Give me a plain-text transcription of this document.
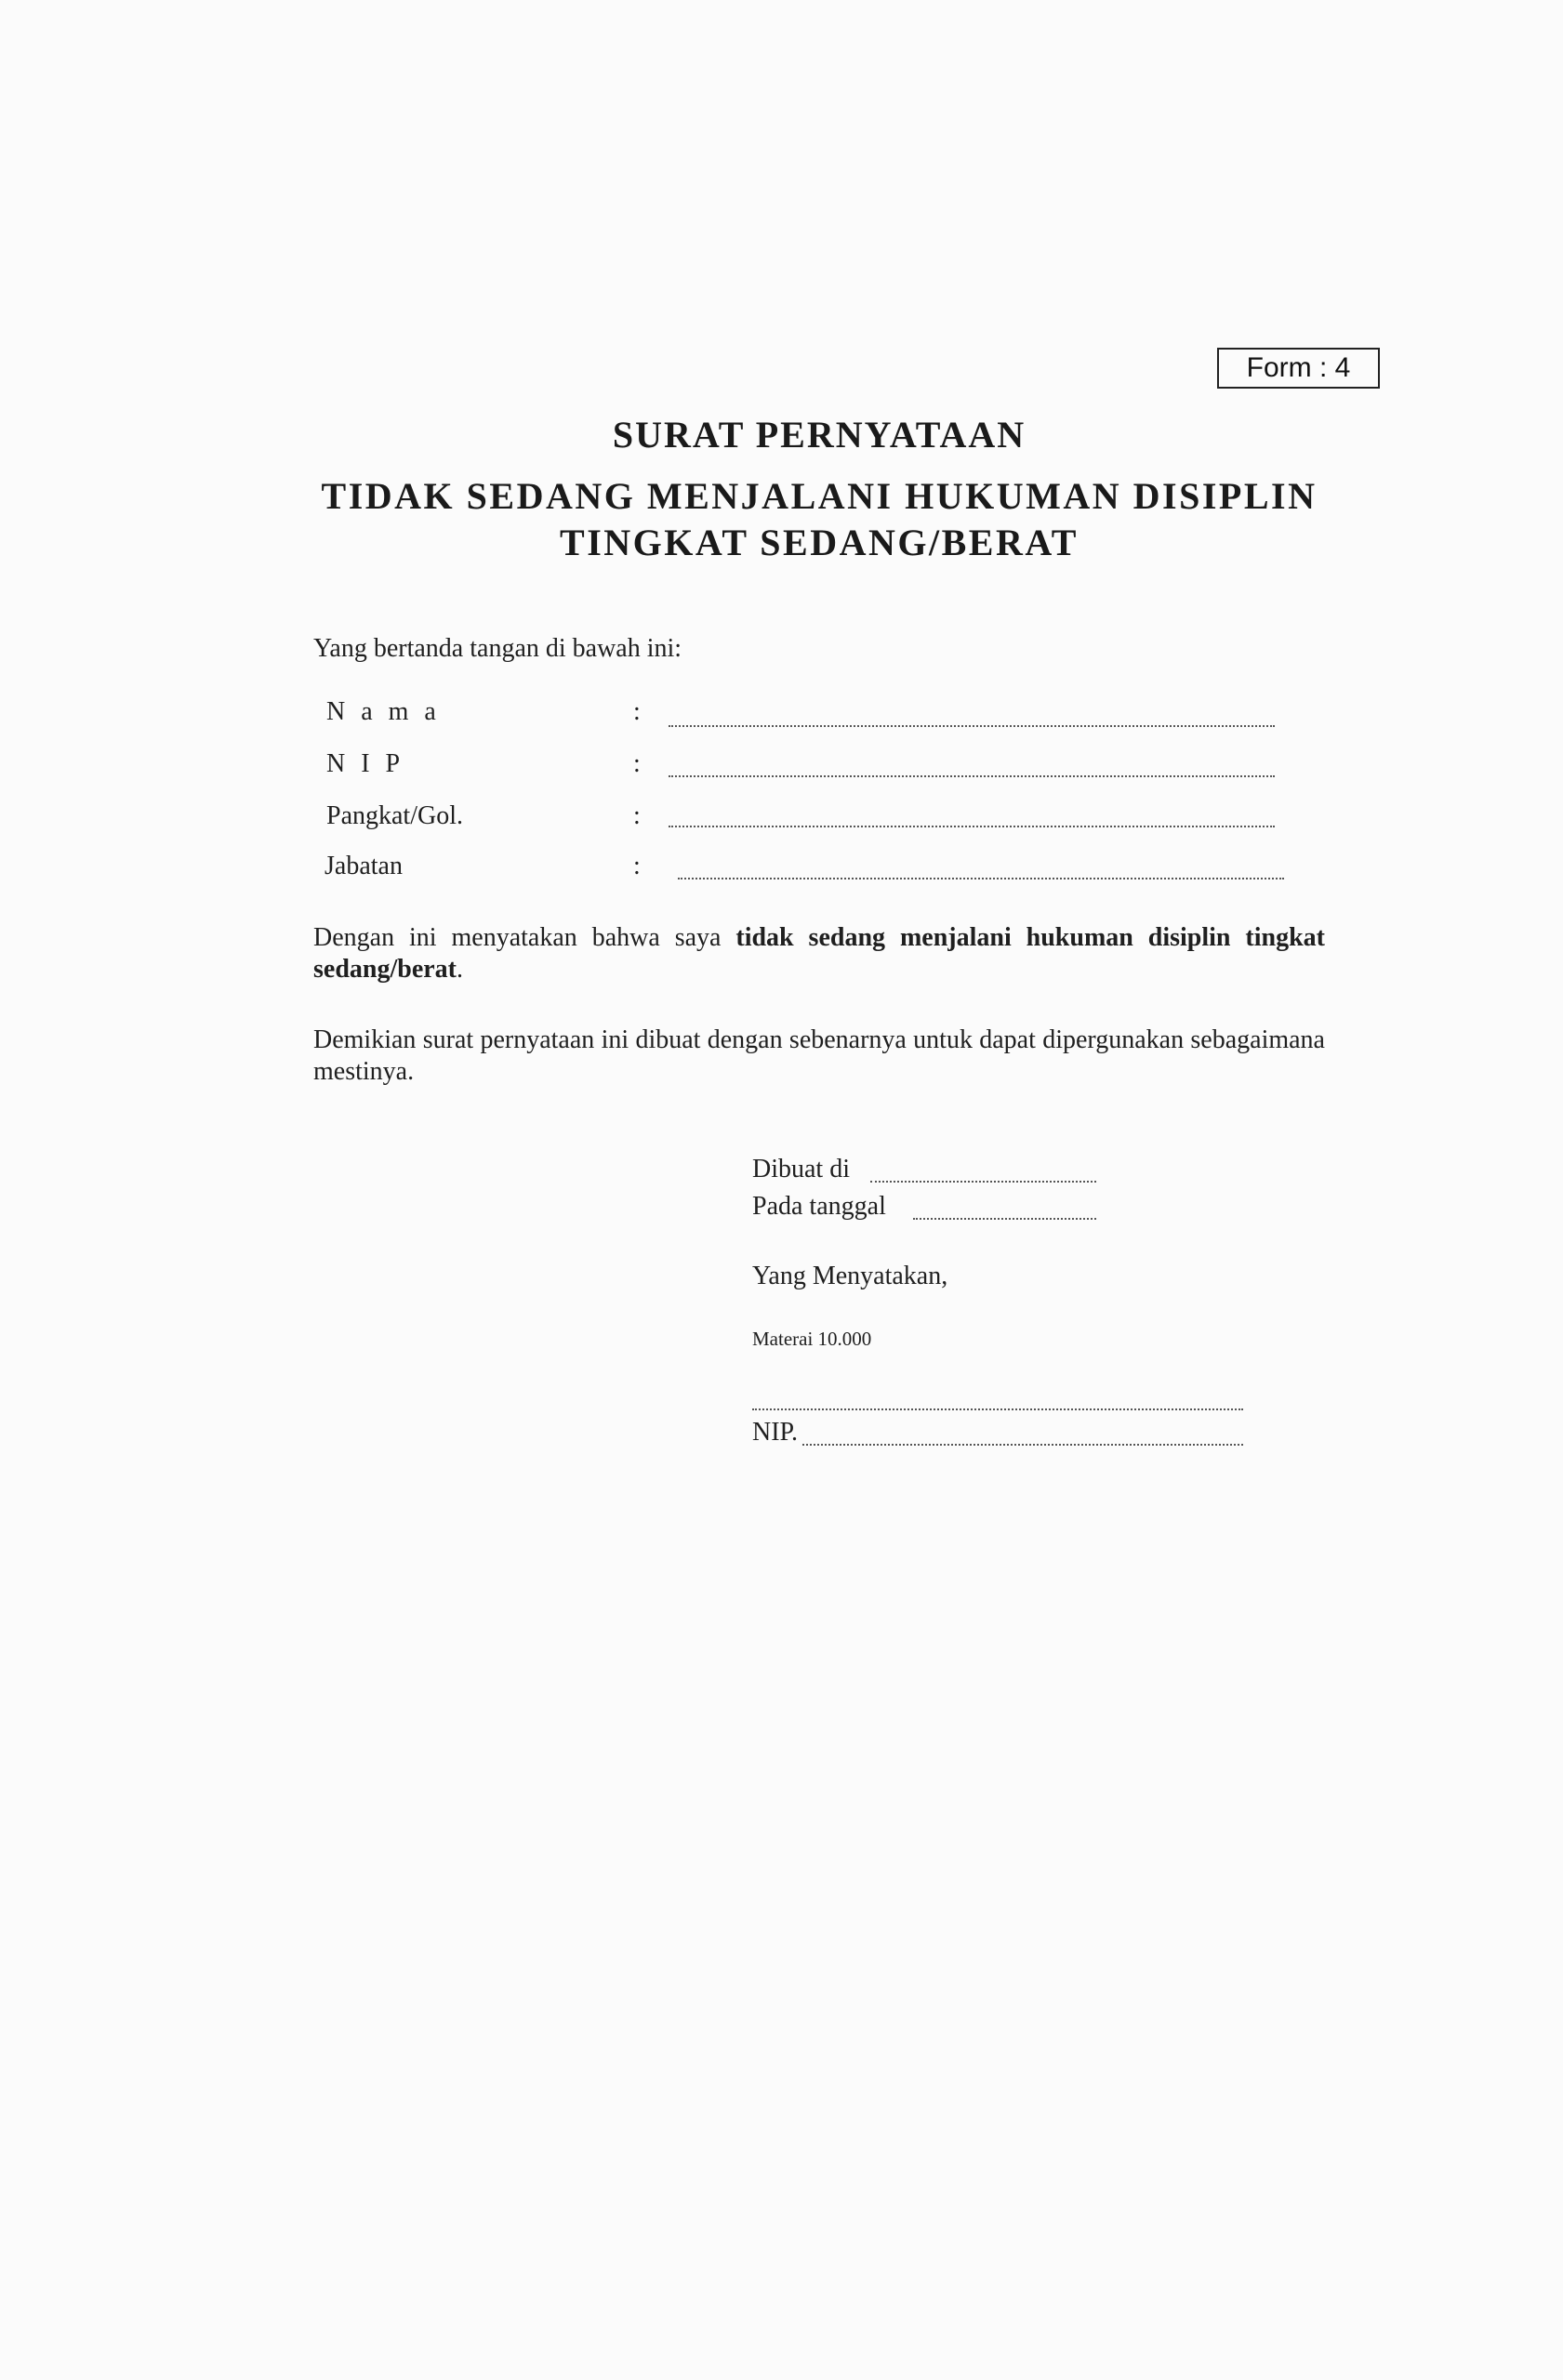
Form : 4
SURAT PERNYATAAN
TIDAK SEDANG MENJALANI HUKUMAN DISIPLIN
TINGKAT SEDANG/BERAT
Yang bertanda tangan di bawah ini:
N a m a	:
N I P	:
Pangkat/Gol.	:
Jabatan	:
Dengan ini menyatakan bahwa saya tidak sedang menjalani hukuman disiplin tingkat sedang/berat.
Demikian surat pernyataan ini dibuat dengan sebenarnya untuk dapat dipergunakan sebagaimana mestinya.
Dibuat di
Pada tanggal
Yang Menyatakan,
Materai 10.000
NIP.
